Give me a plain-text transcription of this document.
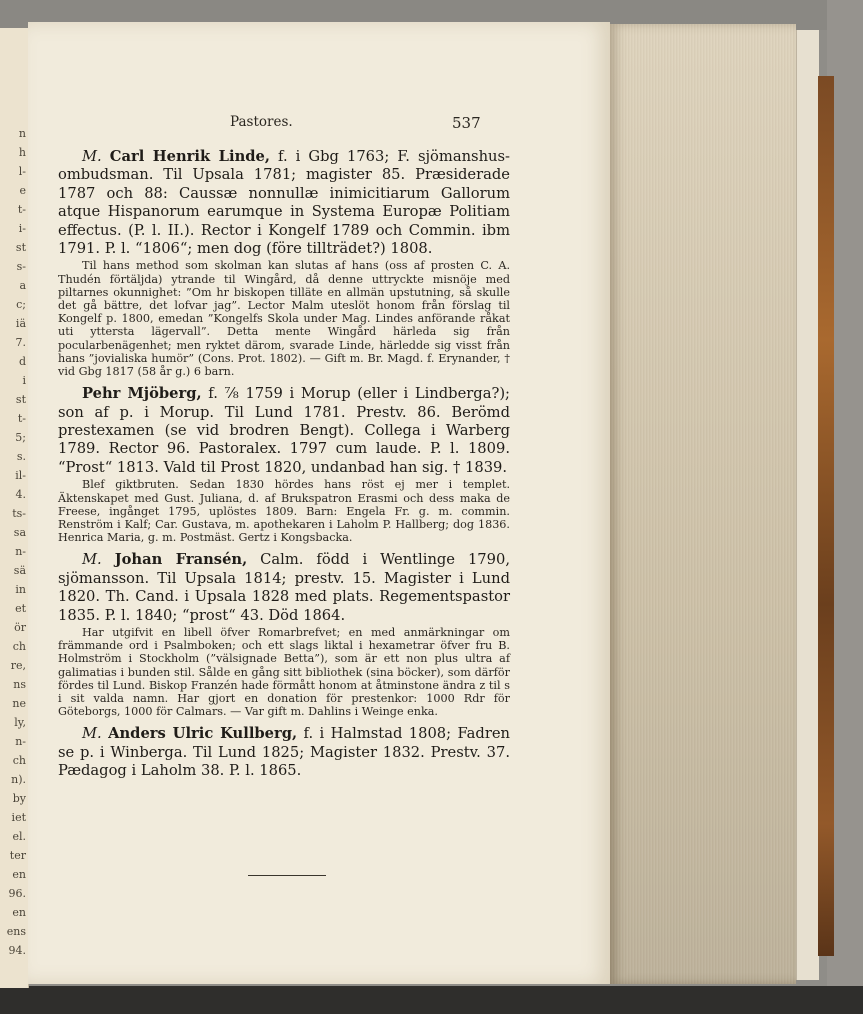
n
h
l-
e
t-
i-
st
s-
a
c;
iä
7.
d
i
st
t-
5;
s.
il-
4.
ts-
sa
n-
sä
in
et
ör
ch
re,
ns
ne
ly,
n-
ch
n).
by
iet
el.
ter
en
96.
en
ens
94.
Pastores.	537

M. Carl Henrik Linde, f. i Gbg 1763; F. sjömanshus-ombudsman. Til Upsala 1781; magister 85. Præsiderade 1787 och 88: Caussæ nonnullæ inimicitiarum Gallorum atque Hispanorum earumque in Systema Europæ Politiam effectus. (P. l. II.). Rector i Kongelf 1789 och Commin. ibm 1791. P. l. “1806“; men dog (före tillträdet?) 1808.

Til hans method som skolman kan slutas af hans (oss af prosten C. A. Thudén förtäljda) ytrande til Wingård, då denne uttryckte misnöje med piltarnes okunnighet: ”Om hr biskopen tilläte en allmän upstutning, så skulle det gå bättre, det lofvar jag”. Lector Malm uteslöt honom från förslag til Kongelf p. 1800, emedan ”Kongelfs Skola under Mag. Lindes anförande råkat uti yttersta lägervall”. Detta mente Wingård härleda sig från pocularbenägenhet; men ryktet därom, svarade Linde, härledde sig visst från hans ”jovialiska humör” (Cons. Prot. 1802). — Gift m. Br. Magd. f. Erynander, † vid Gbg 1817 (58 år g.) 6 barn.

Pehr Mjöberg, f. ⅞ 1759 i Morup (eller i Lindberga?); son af p. i Morup. Til Lund 1781. Prestv. 86. Berömd prestexamen (se vid brodren Bengt). Collega i Warberg 1789. Rector 96. Pastoralex. 1797 cum laude. P. l. 1809. “Prost“ 1813. Vald til Prost 1820, undanbad han sig. † 1839.

Blef giktbruten. Sedan 1830 hördes hans röst ej mer i templet. Äktenskapet med Gust. Juliana, d. af Brukspatron Erasmi och dess maka de Freese, ingånget 1795, uplöstes 1809. Barn: Engela Fr. g. m. commin. Renström i Kalf; Car. Gustava, m. apothekaren i Laholm P. Hallberg; dog 1836. Henrica Maria, g. m. Postmäst. Gertz i Kongsbacka.

M. Johan Fransén, Calm. född i Wentlinge 1790, sjömansson. Til Upsala 1814; prestv. 15. Magister i Lund 1820. Th. Cand. i Upsala 1828 med plats. Regementspastor 1835. P. l. 1840; “prost“ 43. Död 1864.

Har utgifvit en libell öfver Romarbrefvet; en med anmärkningar om främmande ord i Psalmboken; och ett slags liktal i hexametrar öfver fru B. Holmström i Stockholm (”välsignade Betta”), som är ett non plus ultra af galimatias i bunden stil. Sålde en gång sitt bibliothek (sina böcker), som därför fördes til Lund. Biskop Franzén hade förmått honom at åtminstone ändra z til s i sit valda namn. Har gjort en donation för prestenkor: 1000 Rdr för Göteborgs, 1000 för Calmars. — Var gift m. Dahlins i Weinge enka.

M. Anders Ulric Kullberg, f. i Halmstad 1808; Fadren se p. i Winberga. Til Lund 1825; Magister 1832. Prestv. 37. Pædagog i Laholm 38. P. l. 1865.
